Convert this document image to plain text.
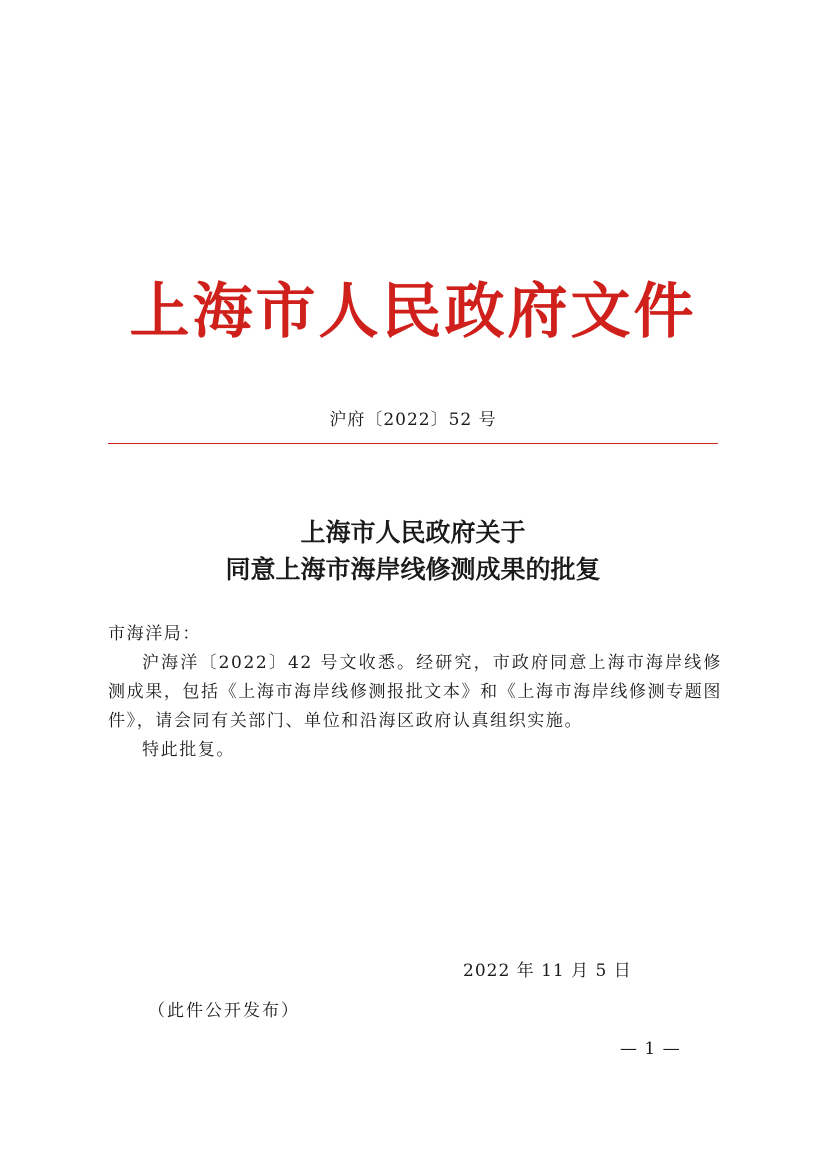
上海市人民政府文件
沪府〔2022〕52 号
上海市人民政府关于
同意上海市海岸线修测成果的批复

市海洋局：

沪海洋〔2022〕42 号文收悉。经研究，市政府同意上海市海岸线修测成果，包括《上海市海岸线修测报批文本》和《上海市海岸线修测专题图件》，请会同有关部门、单位和沿海区政府认真组织实施。

特此批复。

2022 年 11 月 5 日
（此件公开发布）
— 1 —
